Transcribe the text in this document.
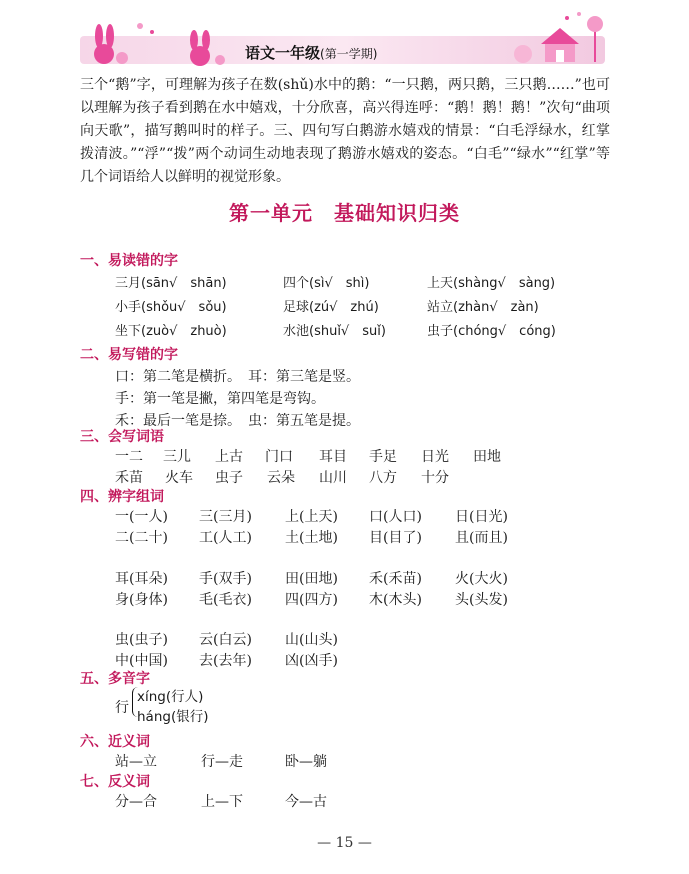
语文一年级(第一学期)
三个“鹅”字，可理解为孩子在数(shǔ)水中的鹅：“一只鹅，两只鹅，三只鹅……”也可以理解为孩子看到鹅在水中嬉戏，十分欣喜，高兴得连呼：“鹅！鹅！鹅！”次句“曲项向天歌”，描写鹅叫时的样子。三、四句写白鹅游水嬉戏的情景：“白毛浮绿水，红掌拨清波。”“浮”“拨”两个动词生动地表现了鹅游水嬉戏的姿态。“白毛”“绿水”“红掌”等几个词语给人以鲜明的视觉形象。
第一单元　基础知识归类
一、易读错的字
三月(sān√　shān)	四个(sì√　shì)	上天(shàng√　sàng)
小手(shǒu√　sǒu)	足球(zú√　zhú)	站立(zhàn√　zàn)
坐下(zuò√　zhuò)	水池(shuǐ√　suǐ)	虫子(chóng√　cóng)
二、易写错的字
口：第二笔是横折。　耳：第三笔是竖。
手：第一笔是撇，第四笔是弯钩。
禾：最后一笔是捺。　虫：第五笔是提。
三、会写词语
一二 三儿 上古 门口 耳目 手足 日光 田地
禾苗 火车 虫子 云朵 山川 八方 十分
四、辨字组词
一(一人) 三(三月) 上(上天) 口(人口) 日(日光)
二(二十) 工(人工) 土(土地) 目(目了) 且(而且)
耳(耳朵) 手(双手) 田(田地) 禾(禾苗) 火(大火)
身(身体) 毛(毛衣) 四(四方) 木(木头) 头(头发)
虫(虫子) 云(白云) 山(山头)
中(中国) 去(去年) 凶(凶手)
五、多音字
行
xíng(行人)
háng(银行)
六、近义词
站—立	行—走	卧—躺
七、反义词
分—合	上—下	今—古
— 15 —
